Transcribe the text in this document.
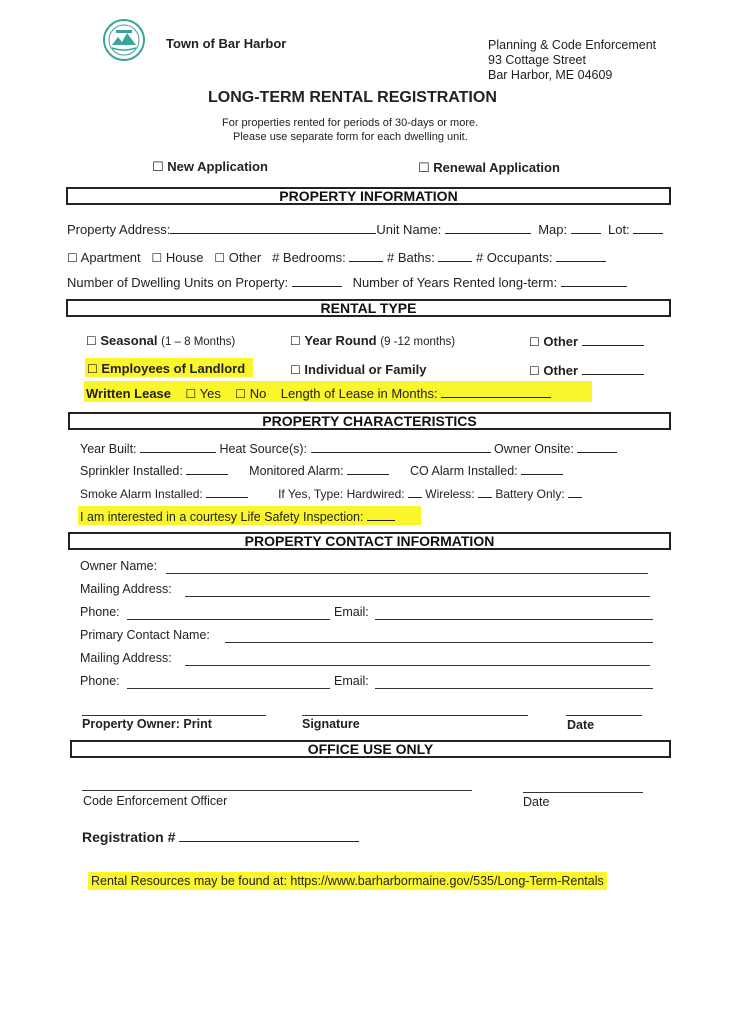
Town of Bar Harbor	Planning & Code Enforcement
93 Cottage Street
Bar Harbor, ME 04609
LONG-TERM RENTAL REGISTRATION
For properties rented for periods of 30-days or more.
Please use separate form for each dwelling unit.
☐ New Application	☐ Renewal Application
PROPERTY INFORMATION
Property Address:	Unit Name:	Map:	Lot:
☐ Apartment ☐ House ☐ Other # Bedrooms:	# Baths:	# Occupants:
Number of Dwelling Units on Property:	Number of Years Rented long-term:
RENTAL TYPE
☐ Seasonal (1 – 8 Months)	☐ Year Round (9 -12 months)	☐ Other
☐ Employees of Landlord	☐ Individual or Family	☐ Other
Written Lease ☐ Yes ☐ No Length of Lease in Months:
PROPERTY CHARACTERISTICS
Year Built:	Heat Source(s):	Owner Onsite:
Sprinkler Installed:	Monitored Alarm:	CO Alarm Installed:
Smoke Alarm Installed:	If Yes, Type: Hardwired: Wireless: Battery Only:
I am interested in a courtesy Life Safety Inspection:
PROPERTY CONTACT INFORMATION
Owner Name:
Mailing Address:
Phone:	Email:
Primary Contact Name:
Mailing Address:
Phone:	Email:
Property Owner: Print	Signature	Date
OFFICE USE ONLY
Code Enforcement Officer	Date
Registration #
Rental Resources may be found at: https://www.barharbormaine.gov/535/Long-Term-Rentals
